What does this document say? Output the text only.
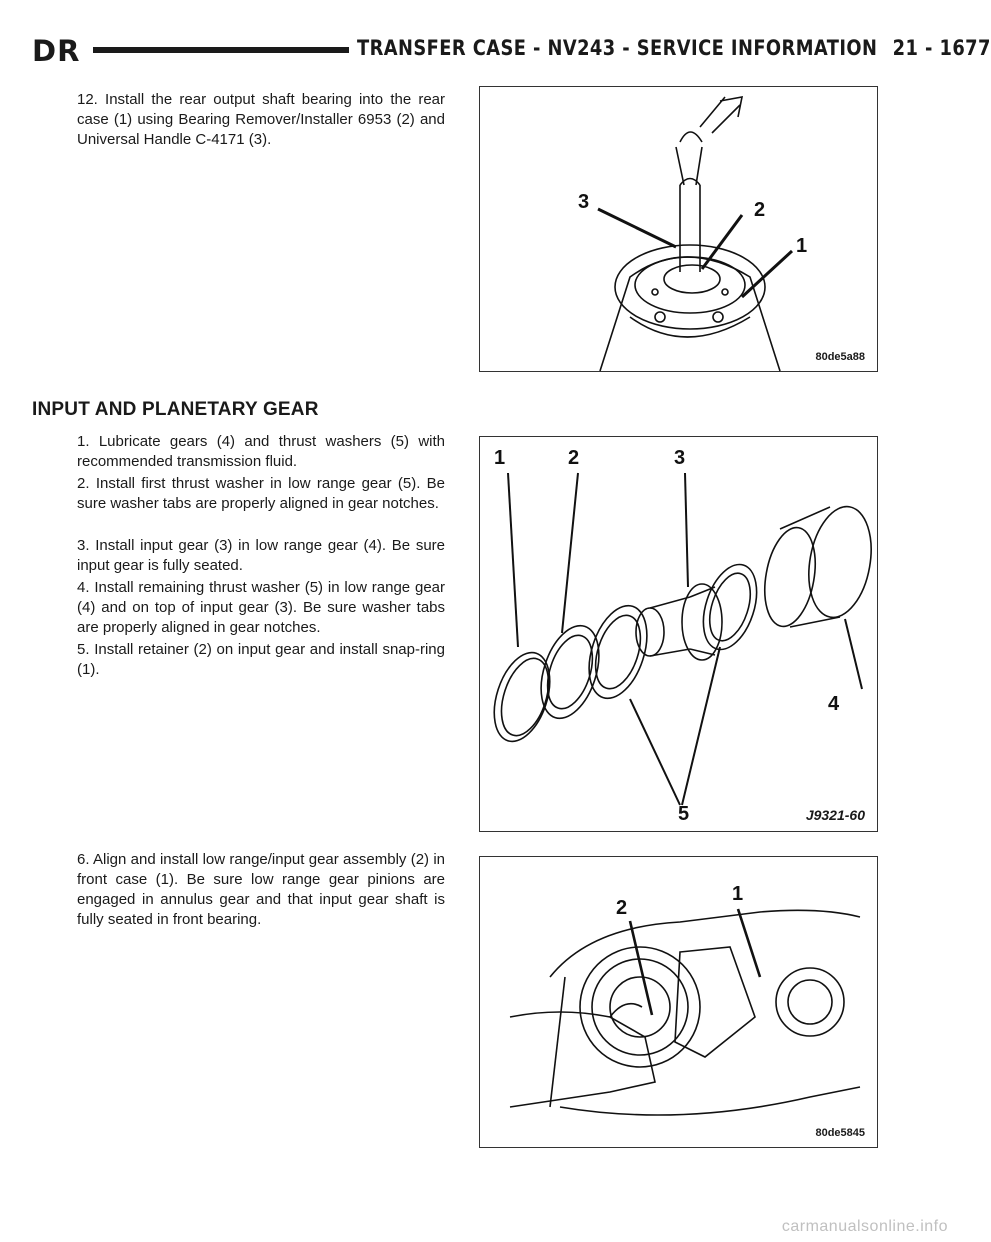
DR	TRANSFER CASE - NV243 - SERVICE INFORMATION 21 - 1677
12. Install the rear output shaft bearing into the rear case (1) using Bearing Remover/Installer 6953 (2) and Universal Handle C-4171 (3).
3	2
1
80de5a88
INPUT AND PLANETARY GEAR
1. Lubricate gears (4) and thrust washers (5) with recommended transmission fluid.
2. Install first thrust washer in low range gear (5). Be sure washer tabs are properly aligned in gear notches.
3. Install input gear (3) in low range gear (4). Be sure input gear is fully seated.
4. Install remaining thrust washer (5) in low range gear (4) and on top of input gear (3). Be sure washer tabs are properly aligned in gear notches.
5. Install retainer (2) on input gear and install snap-ring (1).
1	2	3
4
5	J9321-60
6. Align and install low range/input gear assembly (2) in front case (1). Be sure low range gear pinions are engaged in annulus gear and that input gear shaft is fully seated in front bearing.
2
1
80de5845
carmanualsonline.info
